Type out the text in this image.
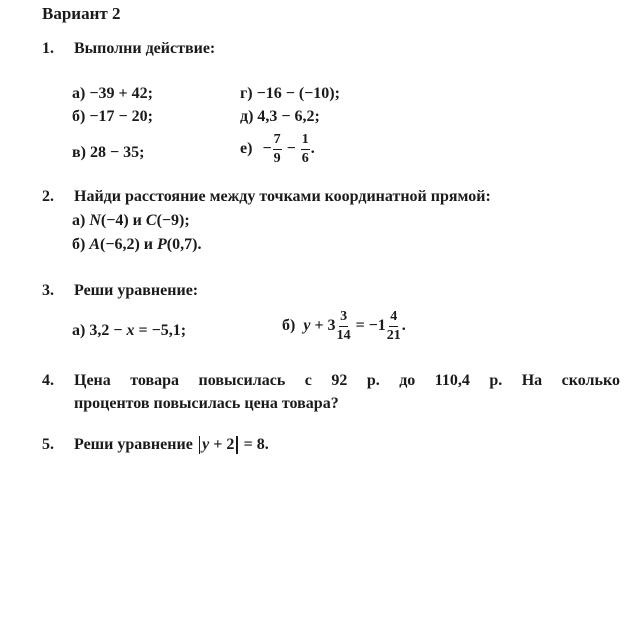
Вариант 2
1. Выполни действие:
а) −39 + 42;
б) −17 − 20;
в) 28 − 35;
г) −16 − (−10);
д) 4,3 − 6,2;
$е) - \frac{7}{9} - \frac{1}{6}$ .
2. Найди расстояние между точками координатной прямой:
а) N(−4) и C(−9);
б) A(−6,2) и P(0,7).
3. Реши уравнение:
а) 3,2 − x = −5,1;	б) $y + 3 \frac{3}{14} = -1 \frac{4}{21}$ .
4. Цена товара повысилась с 92 р. до 110,4 р. На сколько
процентов повысилась цена товара?
5. Реши уравнение y + 2 = 8.
